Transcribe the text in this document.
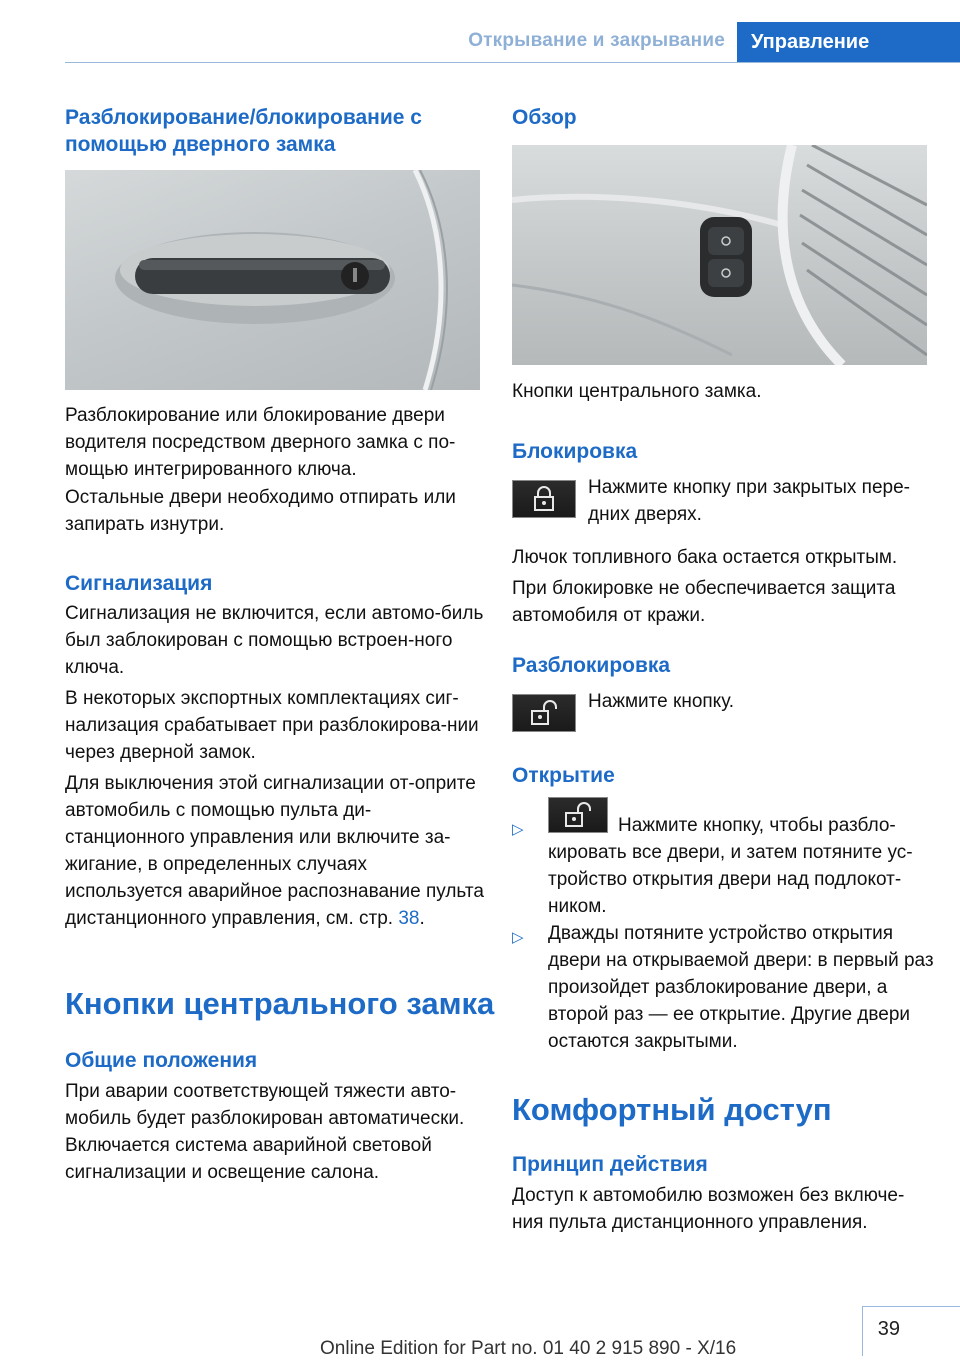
Открывание и закрывание	Управление
Разблокирование/блокирование с помощью дверного замка

Разблокирование или блокирование двери водителя посредством дверного замка с по-мощью интегрированного ключа.

Остальные двери необходимо отпирать или запирать изнутри.

Сигнализация

Сигнализация не включится, если автомо-биль был заблокирован с помощью встроен-ного ключа.

В некоторых экспортных комплектациях сиг-нализация срабатывает при разблокирова-нии через дверной замок.

Для выключения этой сигнализации от-оприте автомобиль с помощью пульта ди-станционного управления или включите за-жигание, в определенных случаях используется аварийное распознавание пульта дистанционного управления, см. стр. 38.

Кнопки центрального замка
Общие положения

При аварии соответствующей тяжести авто-мобиль будет разблокирован автоматически. Включается система аварийной световой сигнализации и освещение салона.

Обзор

Кнопки центрального замка.

Блокировка

Нажмите кнопку при закрытых пере-дних дверях.

Лючок топливного бака остается открытым.

При блокировке не обеспечивается защита автомобиля от кражи.

Разблокировка

Нажмите кнопку.

Открытие
▷	Нажмите кнопку, чтобы разбло-кировать все двери, и затем потяните ус-тройство открытия двери над подлокот-ником.

▷ Дважды потяните устройство открытия двери на открываемой двери: в первый раз произойдет разблокирование двери, а второй раз — ее открытие. Другие двери остаются закрытыми.

Комфортный доступ
Принцип действия

Доступ к автомобилю возможен без включе-ния пульта дистанционного управления.

39
Online Edition for Part no. 01 40 2 915 890 - X/16
